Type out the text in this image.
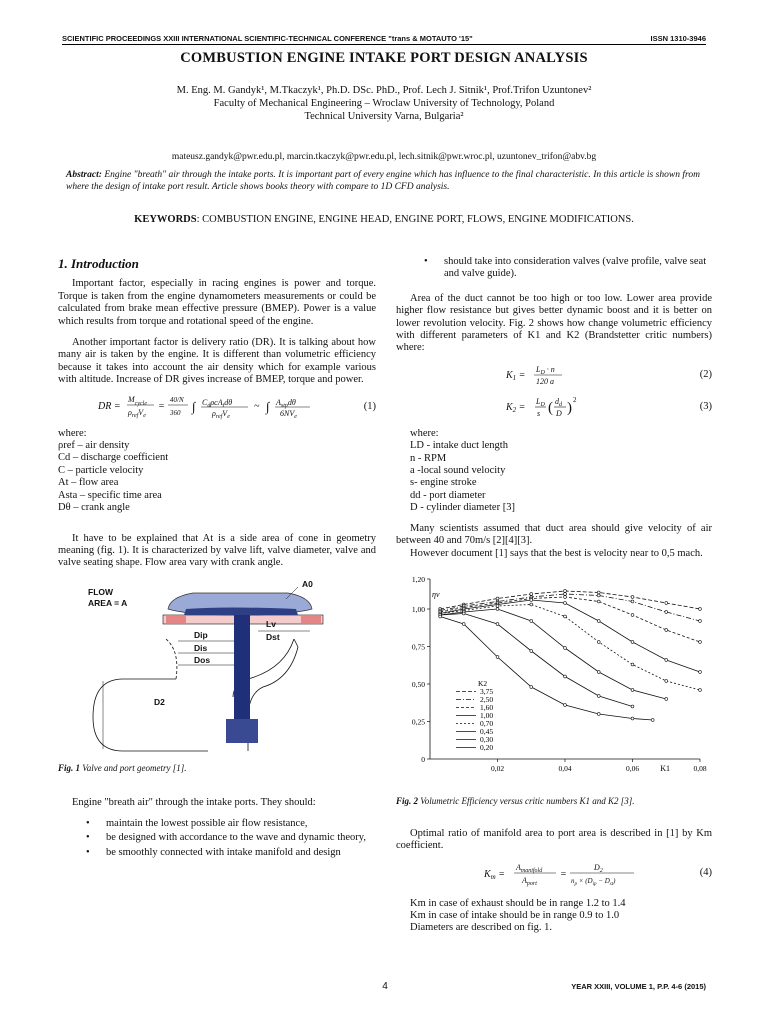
SCIENTIFIC PROCEEDINGS XXIII INTERNATIONAL SCIENTIFIC-TECHNICAL CONFERENCE "trans & MOTAUTO '15"	ISSN 1310-3946
COMBUSTION ENGINE INTAKE PORT DESIGN ANALYSIS
M. Eng. M. Gandyk¹, M.Tkaczyk¹, Ph.D. DSc. PhD., Prof. Lech J. Sitnik¹, Prof.Trifon Uzuntonev²
Faculty of Mechanical Engineering – Wroclaw University of Technology, Poland
Technical University Varna, Bulgaria²
mateusz.gandyk@pwr.edu.pl, marcin.tkaczyk@pwr.edu.pl, lech.sitnik@pwr.wroc.pl, uzuntonev_trifon@abv.bg
Abstract: Engine "breath" air through the intake ports. It is important part of every engine which has influence to the final characteristic. In this article is shown from where the design of intake port result. Article shows books theory with compare to 1D CFD analysis.
KEYWORDS: COMBUSTION ENGINE, ENGINE HEAD, ENGINE PORT, FLOWS, ENGINE MODIFICATIONS.
1. Introduction

Important factor, especially in racing engines is power and torque. Torque is taken from the engine dynamometers measurements or could be calculated from brake mean effective pressure (BMEP). Power is a value which results from torque and rotational speed of the engine.

Another important factor is delivery ratio (DR). It is talking about how many air is taken by the engine. It is different than volumetric efficiency because it takes into account the air density which for example various with altitude. Increase of DR gives increase of BMEP, torque and power.

DR =
$M_{cycle}$
$\rho_{ref}V_e$
=
40/N
360 ∫ $C_d\rho cA_td\theta$
$\rho_{ref}V_e$
~ ∫ $A_{stp}d\theta$
$6NV_e$
(1)
where:
ρref – air density
Cd – discharge coefficient
C – particle velocity
At – flow area
Asta – specific time area
Dθ – crank angle

It have to be explained that At is a side area of cone in geometry meaning (fig. 1). It is characterized by valve lift, valve diameter, valve and valve seating shape. Flow area vary with crank angle.

FLOW
AREA = A
Lv
Dst
Dip
Dis
Dos
D2
A0
Fig. 1 Valve and port geometry [1].

Engine "breath air" through the intake ports. They should:

• maintain the lowest possible air flow resistance,
• be designed with accordance to the wave and dynamic theory,
• be smoothly connected with intake manifold and design
• should take into consideration valves (valve profile, valve seat and valve guide).

Area of the duct cannot be too high or too low. Lower area provide higher flow resistance but gives better dynamic boost and it is better on lower revolution velocity. Fig. 2 shows how change volumetric efficiency with different parameters of K1 and K2 (Brandstetter critic numbers) where:

$K_1$ =
$L_D \cdot n$
120 a
(2)
$K_2$ =
$L_D$
s ( $d_d$
D ) 2
(3)
where:
LD - intake duct length
n - RPM
a -local sound velocity
s- engine stroke
dd - port diameter
D - cylinder diameter [3]

Many scientists assumed that duct area should give velocity of air between 40 and 70m/s [2][4][3].

However document [1] says that the best is velocity near to 0,5 mach.

0
0,25
0,50
0,75
1,00
1,20
0,02	0,04	0,06	0,08
ηv
K1
K2
3,75
2,50
1,60
1,00
0,70
0,45
0,30
0,20
Fig. 2 Volumetric Efficiency versus critic numbers K1 and K2 [3].

Optimal ratio of manifold area to port area is described in [1] by Km coefficient.

$K_m$ =
$A_{manifold}$
$A_{port}$
=
$D_2$
$n_p \times (D_{ip} - D_{st})$
(4)
Km in case of exhaust should be in range 1.2 to 1.4
Km in case of intake should be in range 0.9 to 1.0
Diameters are described on fig. 1.
4	YEAR XXIII, VOLUME 1, P.P. 4-6 (2015)
